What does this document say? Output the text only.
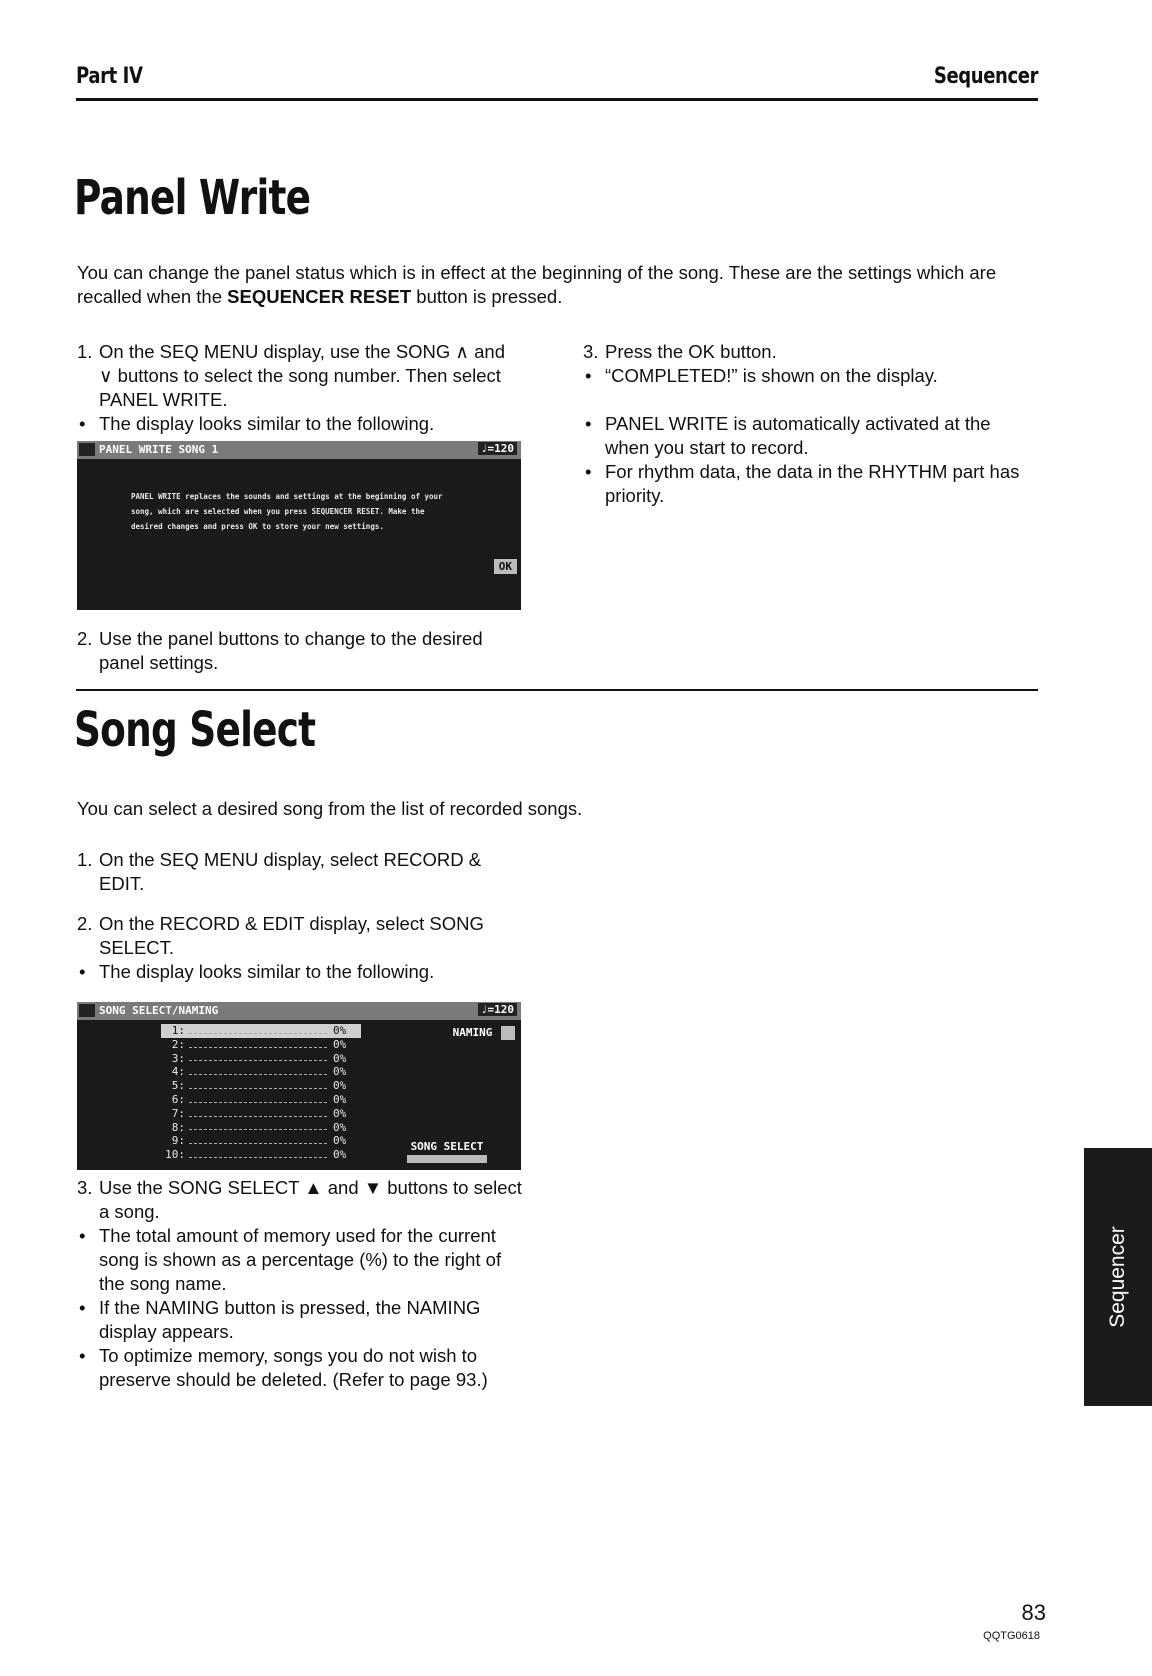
Part IV	Sequencer
Panel Write

You can change the panel status which is in effect at the beginning of the song. These are the settings which are recalled when the SEQUENCER RESET button is pressed.

1. On the SEQ MENU display, use the SONG ∧ and ∨ buttons to select the song number. Then select PANEL WRITE.

• The display looks similar to the following.

PANEL WRITE SONG 1	♩=120
PANEL WRITE replaces the sounds and settings at the beginning of your song, which are selected when you press SEQUENCER RESET. Make the desired changes and press OK to store your new settings.
OK

2. Use the panel buttons to change to the desired panel settings.

3. Press the OK button.

• “COMPLETED!” is shown on the display.

• PANEL WRITE is automatically activated at the when you start to record.

• For rhythm data, the data in the RHYTHM part has priority.

Song Select

You can select a desired song from the list of recorded songs.

1. On the SEQ MENU display, select RECORD & EDIT.

2. On the RECORD & EDIT display, select SONG SELECT.

• The display looks similar to the following.

SONG SELECT/NAMING	♩=120
1:	0%
2:	0%
3:	0%
4:	0%
5:	0%
6:	0%
7:	0%
8:	0%
9:	0%
10:	0%
NAMING
SONG SELECT

3. Use the SONG SELECT ▲ and ▼ buttons to select a song.

• The total amount of memory used for the current song is shown as a percentage (%) to the right of the song name.

• If the NAMING button is pressed, the NAMING display appears.

• To optimize memory, songs you do not wish to preserve should be deleted. (Refer to page 93.)

Sequencer
83
QQTG0618
